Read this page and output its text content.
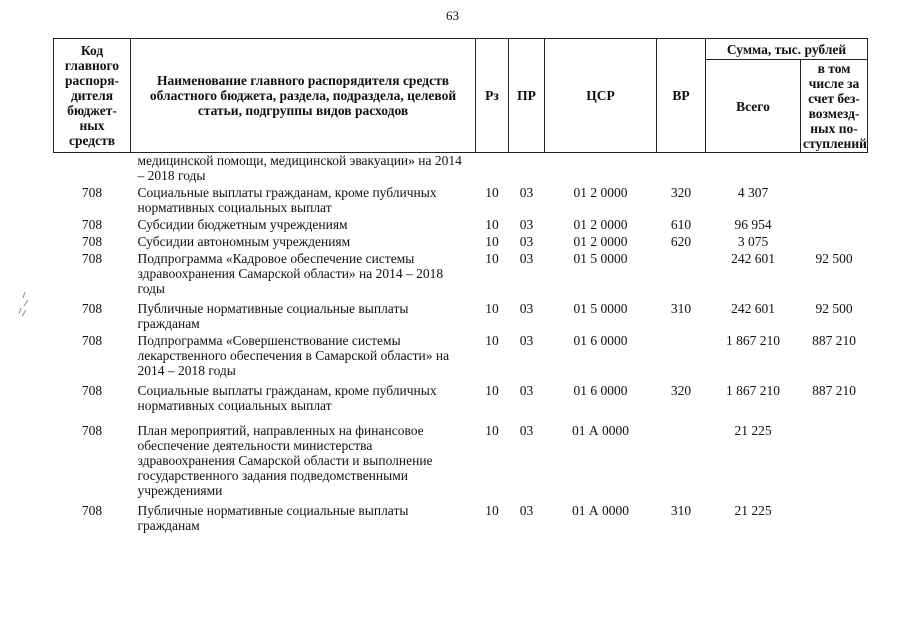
63
Код главного распоря-дителя бюджет-ных средств	Наименование главного распорядителя средств областного бюджета, раздела, подраздела, целевой статьи, подгруппы видов расходов	Рз	ПР	ЦСР	ВР	Сумма, тыс. рублей	
						Всего	в том числе за счет без-возмезд-ных по-ступлений
	медицинской помощи, медицинской эвакуации» на 2014 – 2018 годы						
708	Социальные выплаты гражданам, кроме публичных нормативных социальных выплат	10	03	01 2 0000	320	4 307	
708	Субсидии бюджетным учреждениям	10	03	01 2 0000	610	96 954	
708	Субсидии автономным учреждениям	10	03	01 2 0000	620	3 075	
708	Подпрограмма «Кадровое обеспечение системы здравоохранения Самарской области» на 2014 – 2018 годы	10	03	01 5 0000		242 601	92 500
708	Публичные нормативные социальные выплаты гражданам	10	03	01 5 0000	310	242 601	92 500
708	Подпрограмма «Совершенствование системы лекарственного обеспечения в Самарской области» на 2014 – 2018 годы	10	03	01 6 0000		1 867 210	887 210
708	Социальные выплаты гражданам, кроме публичных нормативных социальных выплат	10	03	01 6 0000	320	1 867 210	887 210
708	План мероприятий, направленных на финансовое обеспечение деятельности министерства здравоохранения Самарской области и выполнение государственного задания подведомственными учреждениями	10	03	01 А 0000		21 225	
708	Публичные нормативные социальные выплаты гражданам	10	03	01 А 0000	310	21 225	
